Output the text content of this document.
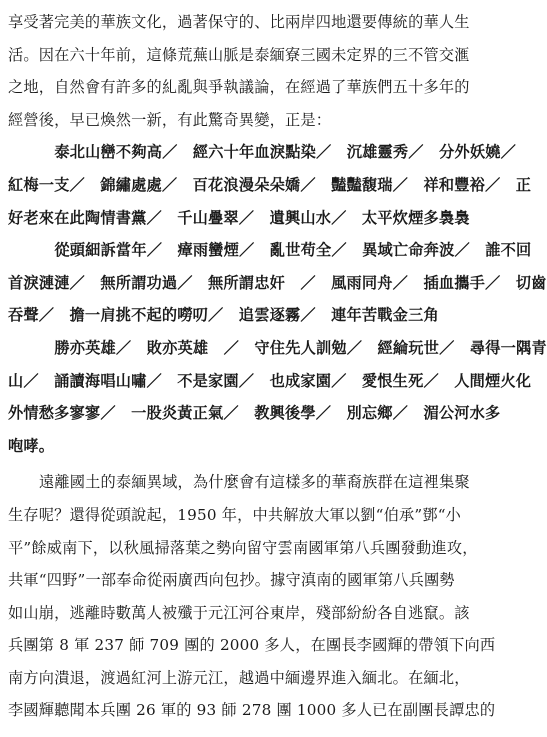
享受著完美的華族文化，過著保守的、比兩岸四地還要傳統的華人生
活。因在六十年前，這條荒蕪山脈是泰緬寮三國未定界的三不管交滙
之地，自然會有許多的糺亂與爭執議論，在經過了華族們五十多年的
經營後，早已煥然一新，有此驚奇異變，正是：
　泰北山巒不夠高／　經六十年血淚點染／　沉雄靈秀／　分外妖嬈／
紅梅一支／　錦繡處處／　百花浪漫朵朵嬌／　豔豔馥瑞／　祥和豐裕／　正
好老來在此陶情書黨／　千山疊翠／　遺興山水／　太平炊煙多裊裊
　從頭細訴當年／　瘴雨蠻煙／　亂世苟全／　異域亡命奔波／　誰不回
首淚漣漣／　無所謂功過／　無所謂忠奸　／　風雨同舟／　插血攜手／　切齒
吞聲／　擔一肩挑不起的嘮叨／　追雲逐霧／　連年苦戰金三角
　勝亦英雄／　敗亦英雄　／　守住先人訓勉／　經綸玩世／　尋得一隅青
山／　誦讀海唱山嘯／　不是家園／　也成家園／　愛恨生死／　人間煙火化
外情愁多寥寥／　一股炎黃正氣／　教興後學／　別忘鄉／　湄公河水多
咆哮。
遠離國土的泰緬異域，為什麼會有這樣多的華裔族群在這裡集聚
生存呢？還得從頭說起，1950 年，中共解放大軍以劉“伯承”鄧“小
平”餘威南下，以秋風掃落葉之勢向留守雲南國軍第八兵團發動進攻，
共軍“四野”一部奉命從兩廣西向包抄。據守滇南的國軍第八兵團勢
如山崩，逃離時數萬人被殲于元江河谷東岸，殘部紛紛各自逃竄。該
兵團第 8 軍 237 師 709 團的 2000 多人，在團長李國輝的帶領下向西
南方向潰退，渡過紅河上游元江，越過中緬邊界進入緬北。在緬北，
李國輝聽聞本兵團 26 軍的 93 師 278 團 1000 多人已在副團長譚忠的
